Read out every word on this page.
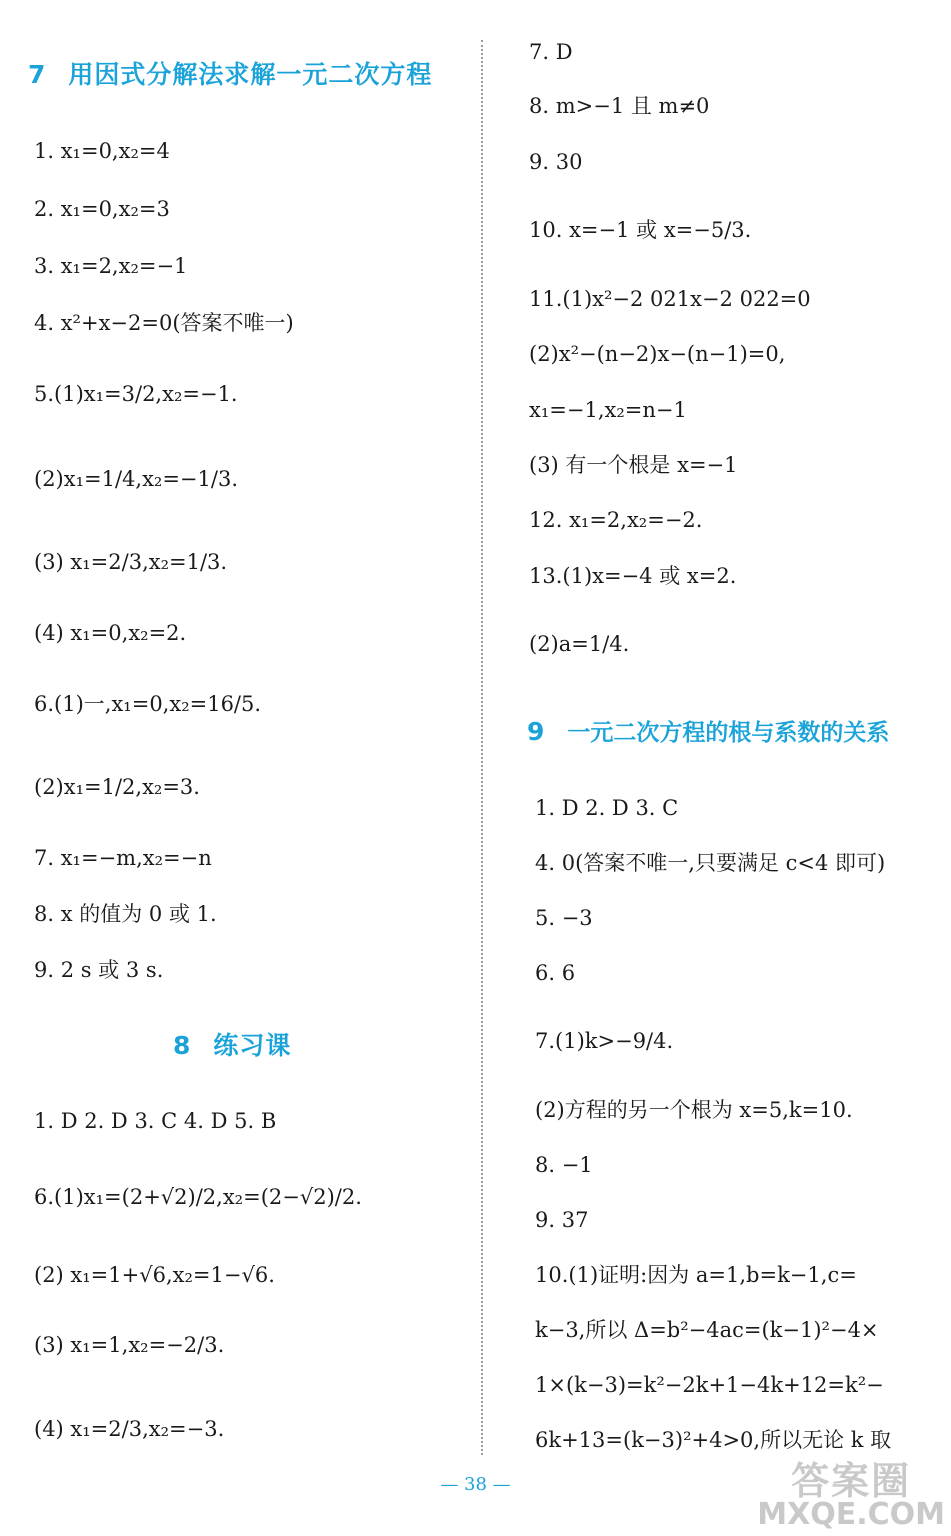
7 用因式分解法求解一元二次方程
1. x₁=0,x₂=4
2. x₁=0,x₂=3
3. x₁=2,x₂=−1
4. x²+x−2=0(答案不唯一)
5.(1)x₁=3/2,x₂=−1.
(2)x₁=1/4,x₂=−1/3.
(3) x₁=2/3,x₂=1/3.
(4) x₁=0,x₂=2.
6.(1)一,x₁=0,x₂=16/5.
(2)x₁=1/2,x₂=3.
7. x₁=−m,x₂=−n
8. x 的值为 0 或 1.
9. 2 s 或 3 s.
8 练习课
1. D 2. D 3. C 4. D 5. B
6.(1)x₁=(2+√2)/2,x₂=(2−√2)/2.
(2) x₁=1+√6,x₂=1−√6.
(3) x₁=1,x₂=−2/3.
(4) x₁=2/3,x₂=−3.
7. D
8. m>−1 且 m≠0
9. 30
10. x=−1 或 x=−5/3.
11.(1)x²−2 021x−2 022=0
(2)x²−(n−2)x−(n−1)=0,
x₁=−1,x₂=n−1
(3) 有一个根是 x=−1
12. x₁=2,x₂=−2.
13.(1)x=−4 或 x=2.
(2)a=1/4.
9 一元二次方程的根与系数的关系
1. D 2. D 3. C
4. 0(答案不唯一,只要满足 c<4 即可)
5. −3
6. 6
7.(1)k>−9/4.
(2)方程的另一个根为 x=5,k=10.
8. −1
9. 37
10.(1)证明:因为 a=1,b=k−1,c=
k−3,所以 Δ=b²−4ac=(k−1)²−4×
1×(k−3)=k²−2k+1−4k+12=k²−
6k+13=(k−3)²+4>0,所以无论 k 取
— 38 —	答案圈
MXQE.COM
